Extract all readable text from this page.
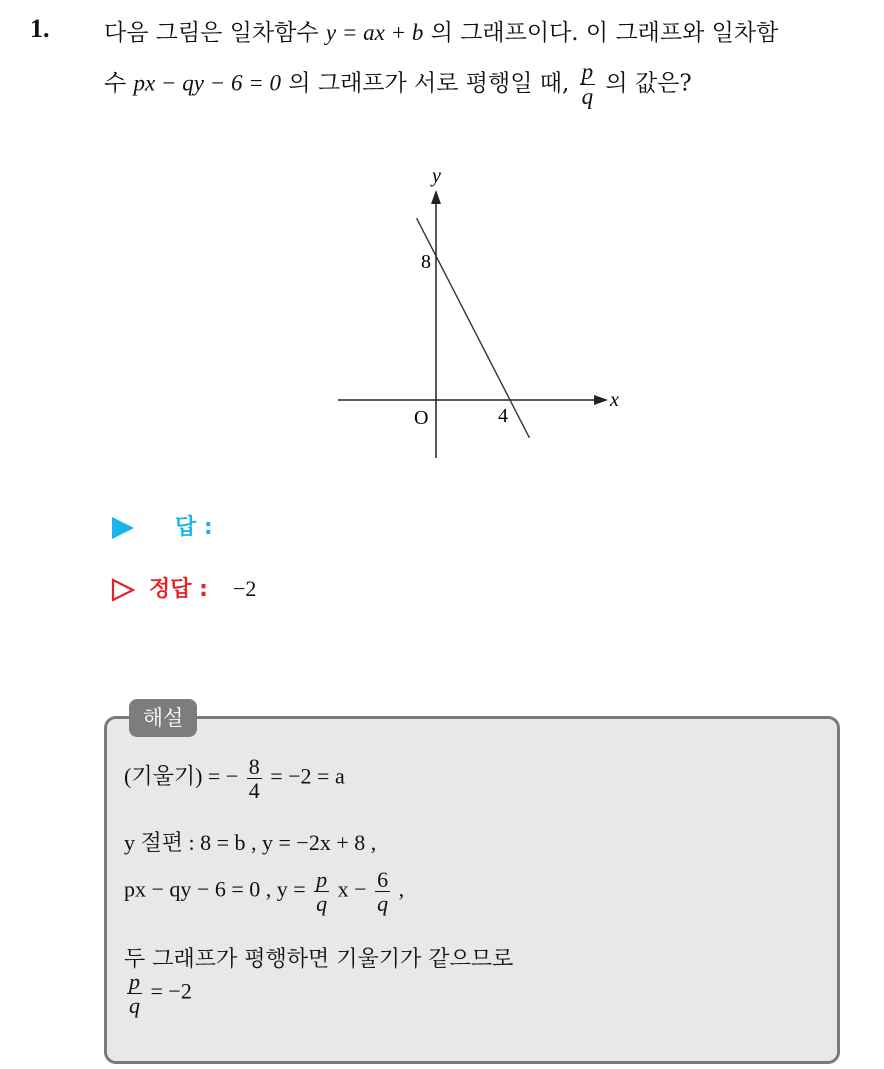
1. 다음 그림은 일차함수 y = ax + b 의 그래프이다. 이 그래프와 일차함
수 px − qy − 6 = 0 의 그래프가 서로 평행일 때, $\frac{p}{q}$ 의 값은?
y
x
O
8
4
답 :
정답 : −2
해설
(기울기) = − $\frac{8}{4} = -2 = a$
y 절편 : 8 = b , y = −2x + 8 ,
px − qy − 6 = 0 , $y = \frac{p}{q}$ $x - \frac{6}{q}$ ,
두 그래프가 평행하면 기울기가 같으므로
$\frac{p}{q} = -2$
